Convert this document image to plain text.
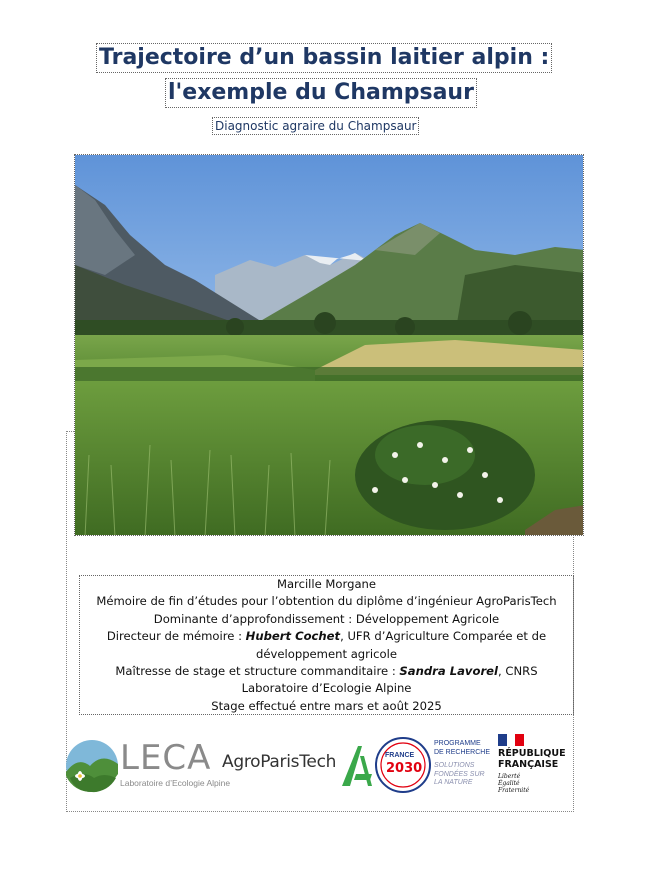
Trajectoire d’un bassin laitier alpin :
l'exemple du Champsaur
Diagnostic agraire du Champsaur

Marcille Morgane

Mémoire de fin d’études pour l’obtention du diplôme d’ingénieur AgroParisTech

Dominante d’approfondissement : Développement Agricole

Directeur de mémoire : Hubert Cochet, UFR d’Agriculture Comparée et de développement agricole

Maîtresse de stage et structure commanditaire : Sandra Lavorel, CNRS

Laboratoire d’Ecologie Alpine

Stage effectué entre mars et août 2025

LECA
Laboratoire d’Ecologie Alpine
AgroParisTech	FRANCE
2030
PROGRAMME
DE RECHERCHE
SOLUTIONS
FONDÉES SUR
LA NATURE
RÉPUBLIQUE
FRANÇAISE
Liberté
Égalité
Fraternité
